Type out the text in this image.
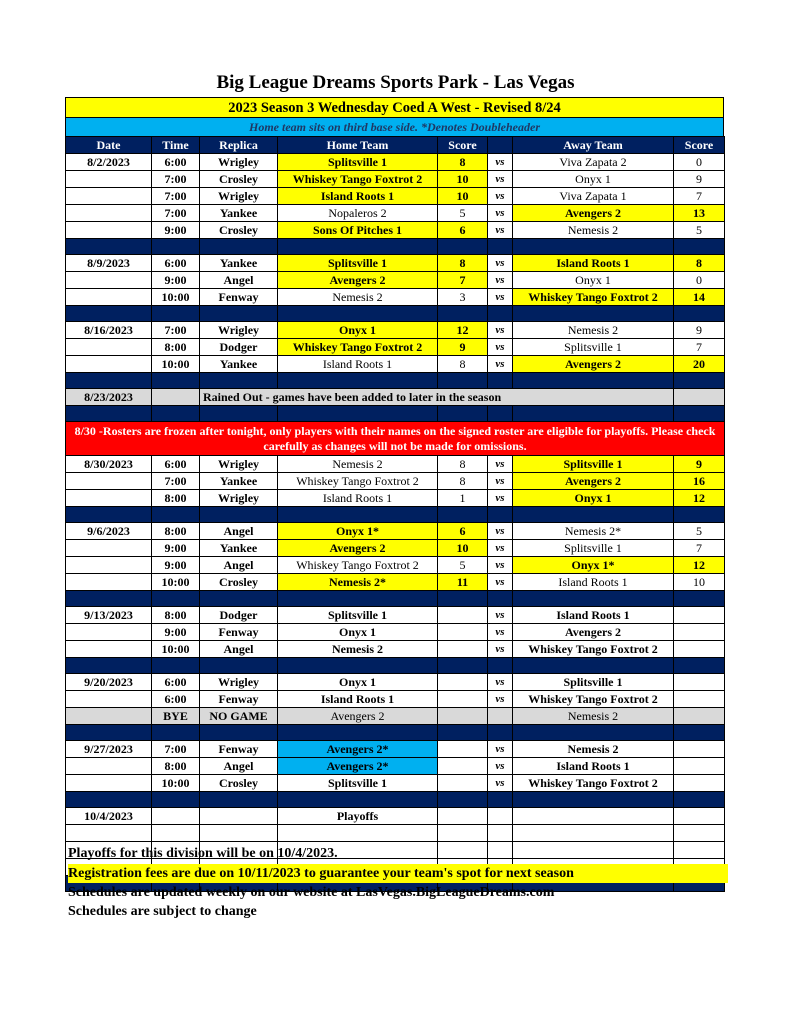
Big League Dreams Sports Park - Las Vegas
2023 Season 3 Wednesday Coed A West - Revised 8/24
Home team sits on third base side. *Denotes Doubleheader
Date	Time	Replica	Home Team	Score		Away Team	Score
8/2/2023	6:00	Wrigley	Splitsville 1	8	vs	Viva Zapata 2	0
	7:00	Crosley	Whiskey Tango Foxtrot 2	10	vs	Onyx 1	9
	7:00	Wrigley	Island Roots 1	10	vs	Viva Zapata 1	7
	7:00	Yankee	Nopaleros 2	5	vs	Avengers 2	13
	9:00	Crosley	Sons Of Pitches 1	6	vs	Nemesis 2	5

8/9/2023	6:00	Yankee	Splitsville 1	8	vs	Island Roots 1	8
	9:00	Angel	Avengers 2	7	vs	Onyx 1	0
	10:00	Fenway	Nemesis 2	3	vs	Whiskey Tango Foxtrot 2	14

8/16/2023	7:00	Wrigley	Onyx 1	12	vs	Nemesis 2	9
	8:00	Dodger	Whiskey Tango Foxtrot 2	9	vs	Splitsville 1	7
	10:00	Yankee	Island Roots 1	8	vs	Avengers 2	20

8/23/2023		Rained Out - games have been added to later in the season					

8/30 -Rosters are frozen after tonight, only players with their names on the signed roster are eligible for playoffs. Please check carefully as changes will not be made for omissions.							
8/30/2023	6:00	Wrigley	Nemesis 2	8	vs	Splitsville 1	9
	7:00	Yankee	Whiskey Tango Foxtrot 2	8	vs	Avengers 2	16
	8:00	Wrigley	Island Roots 1	1	vs	Onyx 1	12

9/6/2023	8:00	Angel	Onyx 1*	6	vs	Nemesis 2*	5
	9:00	Yankee	Avengers 2	10	vs	Splitsville 1	7
	9:00	Angel	Whiskey Tango Foxtrot 2	5	vs	Onyx 1*	12
	10:00	Crosley	Nemesis 2*	11	vs	Island Roots 1	10

9/13/2023	8:00	Dodger	Splitsville 1		vs	Island Roots 1	
	9:00	Fenway	Onyx 1		vs	Avengers 2	
	10:00	Angel	Nemesis 2		vs	Whiskey Tango Foxtrot 2	

9/20/2023	6:00	Wrigley	Onyx 1		vs	Splitsville 1	
	6:00	Fenway	Island Roots 1		vs	Whiskey Tango Foxtrot 2	
	BYE	NO GAME	Avengers 2			Nemesis 2	

9/27/2023	7:00	Fenway	Avengers 2*		vs	Nemesis 2	
	8:00	Angel	Avengers 2*		vs	Island Roots 1	
	10:00	Crosley	Splitsville 1		vs	Whiskey Tango Foxtrot 2	

10/4/2023			Playoffs				

Playoffs for this division will be on 10/4/2023.
Registration fees are due on 10/11/2023 to guarantee your team's spot for next season
Schedules are updated weekly on our website at LasVegas.BigLeagueDreams.com
Schedules are subject to change
